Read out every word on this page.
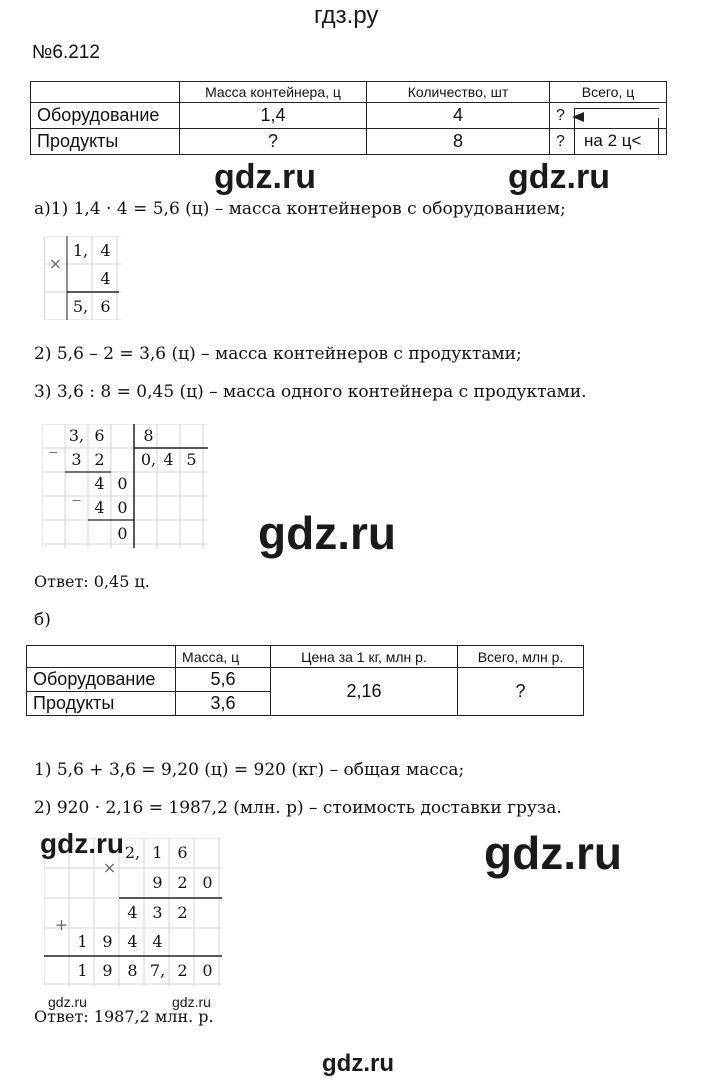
гдз.ру
№6.212
	Масса контейнера, ц	Количество, шт	Всего, ц
Оборудование	1,4	4	?
Продукты	?	8	? на 2 ц<
gdz.ru	gdz.ru
а)1) 1,4 · 4 = 5,6 (ц) – масса контейнеров с оборудованием;
×
1, 4
4
5, 6
2) 5,6 – 2 = 3,6 (ц) – масса контейнеров с продуктами;
3) 3,6 : 8 = 0,45 (ц) – масса одного контейнера с продуктами.
_ 3, 6	8
3 2	0, 4 5
_ 4 0
4 0
0	gdz.ru
Ответ: 0,45 ц.
б)
	Масса, ц	Цена за 1 кг, млн р.	Всего, млн р.
Оборудование	5,6	2,16	?
Продукты	3,6		
1) 5,6 + 3,6 = 9,20 (ц) = 920 (кг) – общая масса;
2) 920 · 2,16 = 1987,2 (млн. р) – стоимость доставки груза.
×
2, 1 6
9 2 0
4 3 2
+
1 9 4 4
1 9 8 7, 2 0
gdz.ru	gdz.ru
gdz.ru	gdz.ru
Ответ: 1987,2 млн. р.
gdz.ru
